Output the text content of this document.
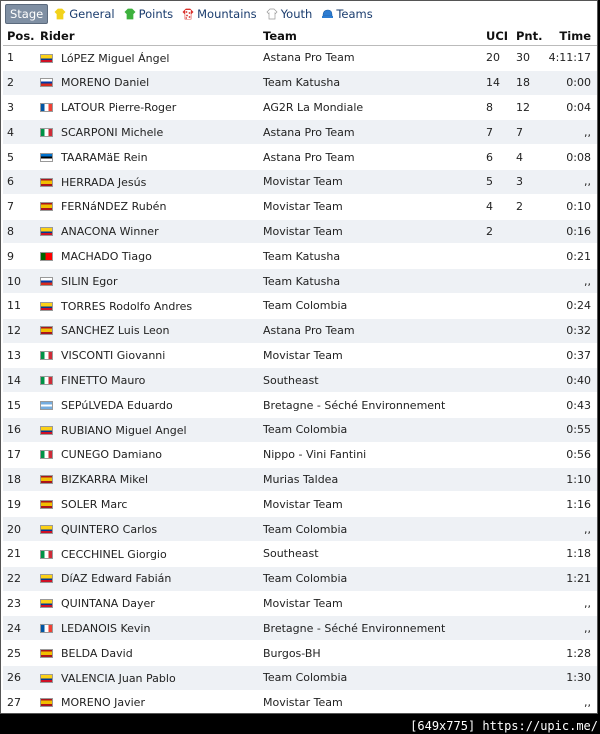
Stage General Points Mountains Youth Teams
Pos.	Rider	Team	UCI	Pnt.	Time
1	LóPEZ Miguel Ángel	Astana Pro Team	20	30	4:11:17
2	MORENO Daniel	Team Katusha	14	18	0:00
3	LATOUR Pierre-Roger	AG2R La Mondiale	8	12	0:04
4	SCARPONI Michele	Astana Pro Team	7	7	,,
5	TAARAMäE Rein	Astana Pro Team	6	4	0:08
6	HERRADA Jesús	Movistar Team	5	3	,,
7	FERNáNDEZ Rubén	Movistar Team	4	2	0:10
8	ANACONA Winner	Movistar Team	2		0:16
9	MACHADO Tiago	Team Katusha			0:21
10	SILIN Egor	Team Katusha			,,
11	TORRES Rodolfo Andres	Team Colombia			0:24
12	SANCHEZ Luis Leon	Astana Pro Team			0:32
13	VISCONTI Giovanni	Movistar Team			0:37
14	FINETTO Mauro	Southeast			0:40
15	SEPúLVEDA Eduardo	Bretagne - Séché Environnement			0:43
16	RUBIANO Miguel Angel	Team Colombia			0:55
17	CUNEGO Damiano	Nippo - Vini Fantini			0:56
18	BIZKARRA Mikel	Murias Taldea			1:10
19	SOLER Marc	Movistar Team			1:16
20	QUINTERO Carlos	Team Colombia			,,
21	CECCHINEL Giorgio	Southeast			1:18
22	DíAZ Edward Fabián	Team Colombia			1:21
23	QUINTANA Dayer	Movistar Team			,,
24	LEDANOIS Kevin	Bretagne - Séché Environnement			,,
25	BELDA David	Burgos-BH			1:28
26	VALENCIA Juan Pablo	Team Colombia			1:30
27	MORENO Javier	Movistar Team			,,

[649x775] https://upic.me/
